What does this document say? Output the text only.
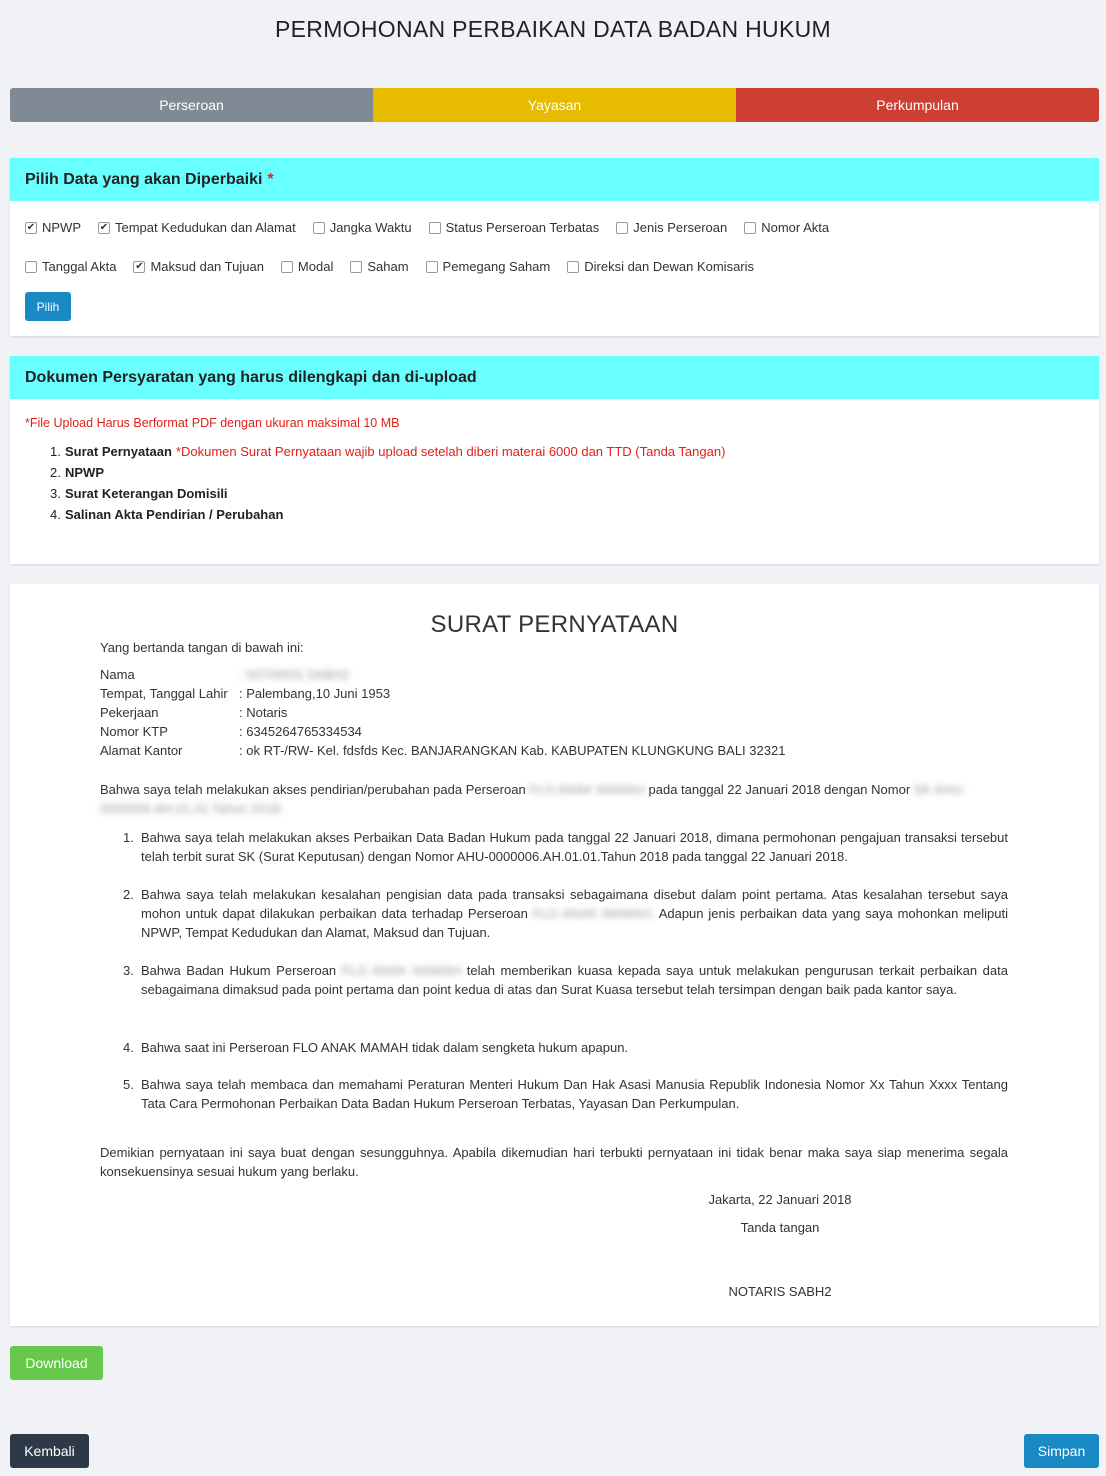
PERMOHONAN PERBAIKAN DATA BADAN HUKUM
Perseroan	Yayasan	Perkumpulan
Pilih Data yang akan Diperbaiki *
✔
NPWP ✔	Tempat Kedudukan dan Alamat	Jangka Waktu	Status Perseroan Terbatas	Jenis Perseroan	Nomor Akta
Tanggal Akta ✔	Maksud dan Tujuan	Modal	Saham	Pemegang Saham	Direksi dan Dewan Komisaris
Pilih
Dokumen Persyaratan yang harus dilengkapi dan di-upload
*File Upload Harus Berformat PDF dengan ukuran maksimal 10 MB
1. Surat Pernyataan *Dokumen Surat Pernyataan wajib upload setelah diberi materai 6000 dan TTD (Tanda Tangan)
2. NPWP
3. Surat Keterangan Domisili
4. Salinan Akta Pendirian / Perubahan
SURAT PERNYATAAN
Yang bertanda tangan di bawah ini:
Nama	: NOTARIS SABH2
Tempat, Tanggal Lahir : Palembang,10 Juni 1953
Pekerjaan	: Notaris
Nomor KTP	: 6345264765334534
Alamat Kantor	: ok RT-/RW- Kel. fdsfds Kec. BANJARANGKAN Kab. KABUPATEN KLUNGKUNG BALI 32321
Bahwa saya telah melakukan akses pendirian/perubahan pada Perseroan FLO ANAK MAMAH pada tanggal 22 Januari 2018 dengan Nomor SK AHU-0000006.AH.01.01.Tahun 2018.
1. Bahwa saya telah melakukan akses Perbaikan Data Badan Hukum pada tanggal 22 Januari 2018, dimana permohonan pengajuan transaksi tersebut telah terbit surat SK (Surat Keputusan) dengan Nomor AHU-0000006.AH.01.01.Tahun 2018 pada tanggal 22 Januari 2018.
2. Bahwa saya telah melakukan kesalahan pengisian data pada transaksi sebagaimana disebut dalam point pertama. Atas kesalahan tersebut saya mohon untuk dapat dilakukan perbaikan data terhadap Perseroan FLO ANAK MAMAH. Adapun jenis perbaikan data yang saya mohonkan meliputi NPWP, Tempat Kedudukan dan Alamat, Maksud dan Tujuan.
3. Bahwa Badan Hukum Perseroan FLO ANAK MAMAH telah memberikan kuasa kepada saya untuk melakukan pengurusan terkait perbaikan data sebagaimana dimaksud pada point pertama dan point kedua di atas dan Surat Kuasa tersebut telah tersimpan dengan baik pada kantor saya.
4. Bahwa saat ini Perseroan FLO ANAK MAMAH tidak dalam sengketa hukum apapun.
5. Bahwa saya telah membaca dan memahami Peraturan Menteri Hukum Dan Hak Asasi Manusia Republik Indonesia Nomor Xx Tahun Xxxx Tentang Tata Cara Permohonan Perbaikan Data Badan Hukum Perseroan Terbatas, Yayasan Dan Perkumpulan.
Demikian pernyataan ini saya buat dengan sesungguhnya. Apabila dikemudian hari terbukti pernyataan ini tidak benar maka saya siap menerima segala konsekuensinya sesuai hukum yang berlaku.
Jakarta, 22 Januari 2018
Tanda tangan
NOTARIS SABH2
Download
Kembali	Simpan
